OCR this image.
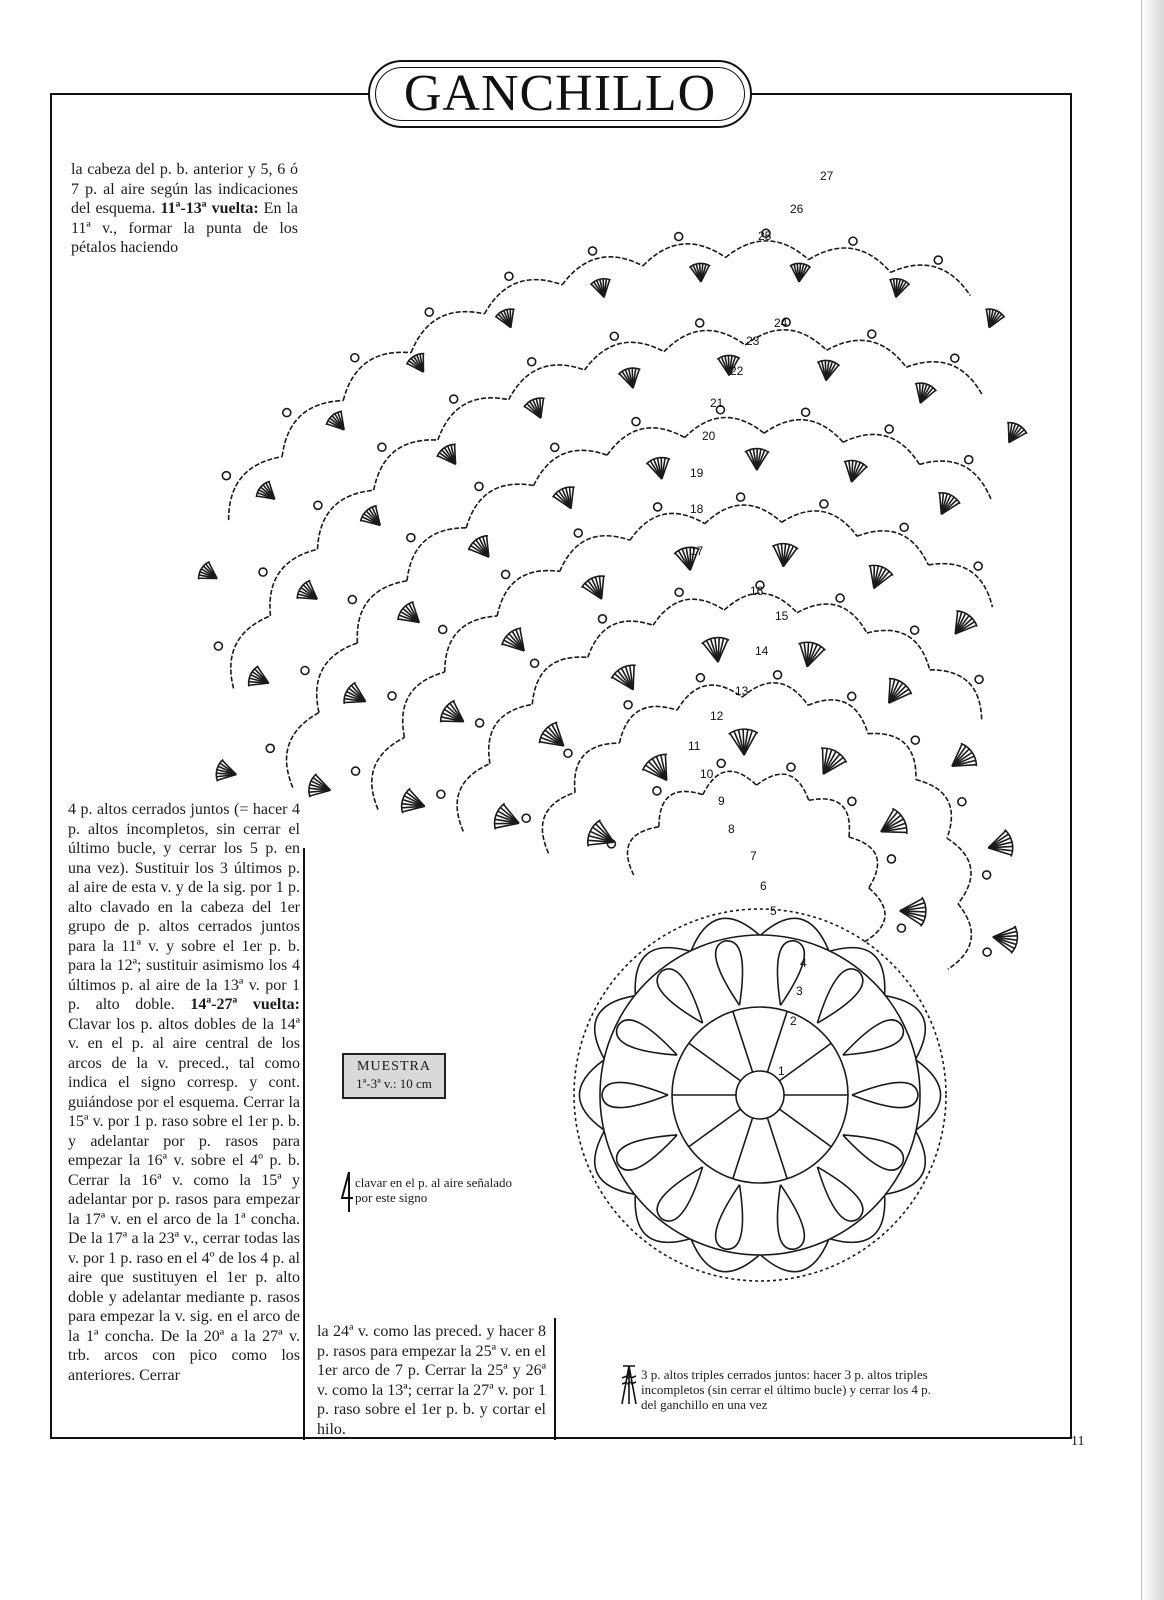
GANCHILLO
1
2
3
4
5
6
7
8
9
10
11
12
13
14
15
16
17
18
19
20
21
22
23
24
25
26
27

la cabeza del p. b. anterior y 5, 6 ó 7 p. al aire según las indicaciones del esquema. 11ª-13ª vuelta: En la 11ª v., formar la punta de los pétalos haciendo

4 p. altos cerrados juntos (= hacer 4 p. altos incompletos, sin cerrar el último bucle, y cerrar los 5 p. en una vez). Sustituir los 3 últimos p. al aire de esta v. y de la sig. por 1 p. alto clavado en la cabeza del 1er grupo de p. altos cerrados juntos para la 11ª v. y sobre el 1er p. b. para la 12ª; sustituir asimismo los 4 últimos p. al aire de la 13ª v. por 1 p. alto doble. 14ª-27ª vuelta: Clavar los p. altos dobles de la 14ª v. en el p. al aire central de los arcos de la v. preced., tal como indica el signo corresp. y cont. guiándose por el esquema. Cerrar la 15ª v. por 1 p. raso sobre el 1er p. b. y adelantar por p. rasos para empezar la 16ª v. sobre el 4º p. b. Cerrar la 16ª v. como la 15ª y adelantar por p. rasos para empezar la 17ª v. en el arco de la 1ª concha. De la 17ª a la 23ª v., cerrar todas las v. por 1 p. raso en el 4º de los 4 p. al aire que sustituyen el 1er p. alto doble y adelantar mediante p. rasos para empezar la v. sig. en el arco de la 1ª concha. De la 20ª a la 27ª v. trb. arcos con pico como los anteriores. Cerrar

la 24ª v. como las preced. y hacer 8 p. rasos para empezar la 25ª v. en el 1er arco de 7 p. Cerrar la 25ª y 26ª v. como la 13ª; cerrar la 27ª v. por 1 p. raso sobre el 1er p. b. y cortar el hilo.

MUESTRA
1ª-3ª v.: 10 cm
clavar en el p. al aire señalado por este signo
3 p. altos triples cerrados juntos: hacer 3 p. altos triples incompletos (sin cerrar el último bucle) y cerrar los 4 p. del ganchillo en una vez
11
